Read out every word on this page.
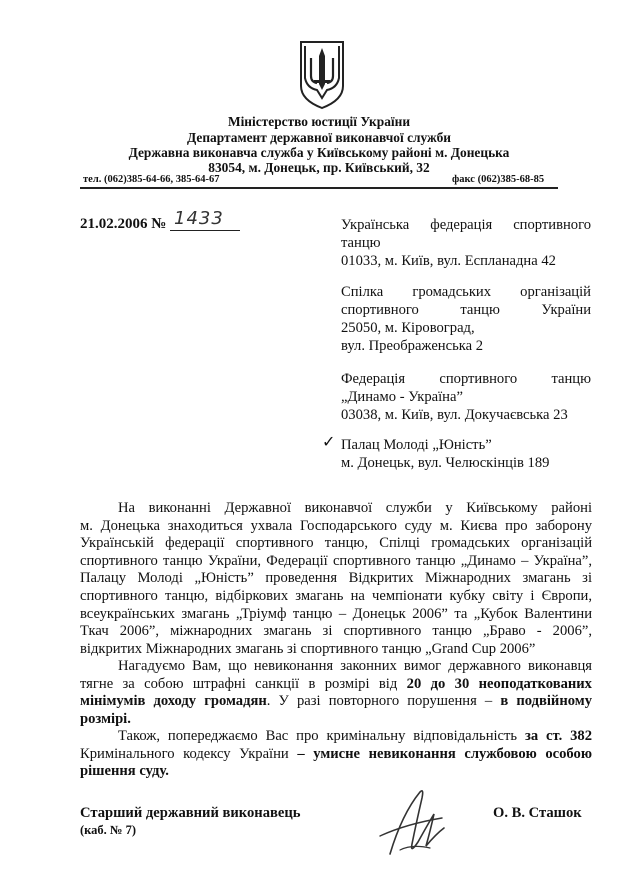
Міністерство юстиції України
Департамент державної виконавчої служби
Державна виконавча служба у Київському районі м. Донецька
83054, м. Донецьк, пр. Київський, 32
тел. (062)385-64-66, 385-64-67	факс (062)385-68-85
21.02.2006 № 1433	Українська федерація спортивного
танцю
01033, м. Київ, вул. Еспланадна 42
Спілка громадських організацій
спортивного танцю України
25050, м. Кіровоград,
вул. Преображенська 2
Федерація спортивного танцю
„Динамо - Україна”
03038, м. Київ, вул. Докучаєвська 23
✓ Палац Молоді „Юність”
м. Донецьк, вул. Челюскінців 189
На виконанні Державної виконавчої служби у Київському районі
м. Донецька знаходиться ухвала Господарського суду м. Києва про заборону
Українській федерації спортивного танцю, Спілці громадських організацій
спортивного танцю України, Федерації спортивного танцю „Динамо – Україна”,
Палацу Молоді „Юність” проведення Відкритих Міжнародних змагань зі
спортивного танцю, відбіркових змагань на чемпіонати кубку світу і Європи,
всеукраїнських змагань „Тріумф танцю – Донецьк 2006” та „Кубок Валентини
Ткач 2006”, міжнародних змагань зі спортивного танцю „Браво - 2006”,
відкритих Міжнародних змагань зі спортивного танцю „Grand Cup 2006”
Нагадуємо Вам, що невиконання законних вимог державного виконавця
тягне за собою штрафні санкції в розмірі від 20 до 30 неоподаткованих
мінімумів доходу громадян. У разі повторного порушення – в подвійному
розмірі.
Також, попереджаємо Вас про кримінальну відповідальність за ст. 382
Кримінального кодексу України – умисне невиконання службовою особою
рішення суду.
Старший державний виконавець
(каб. № 7)
О. В. Сташок
